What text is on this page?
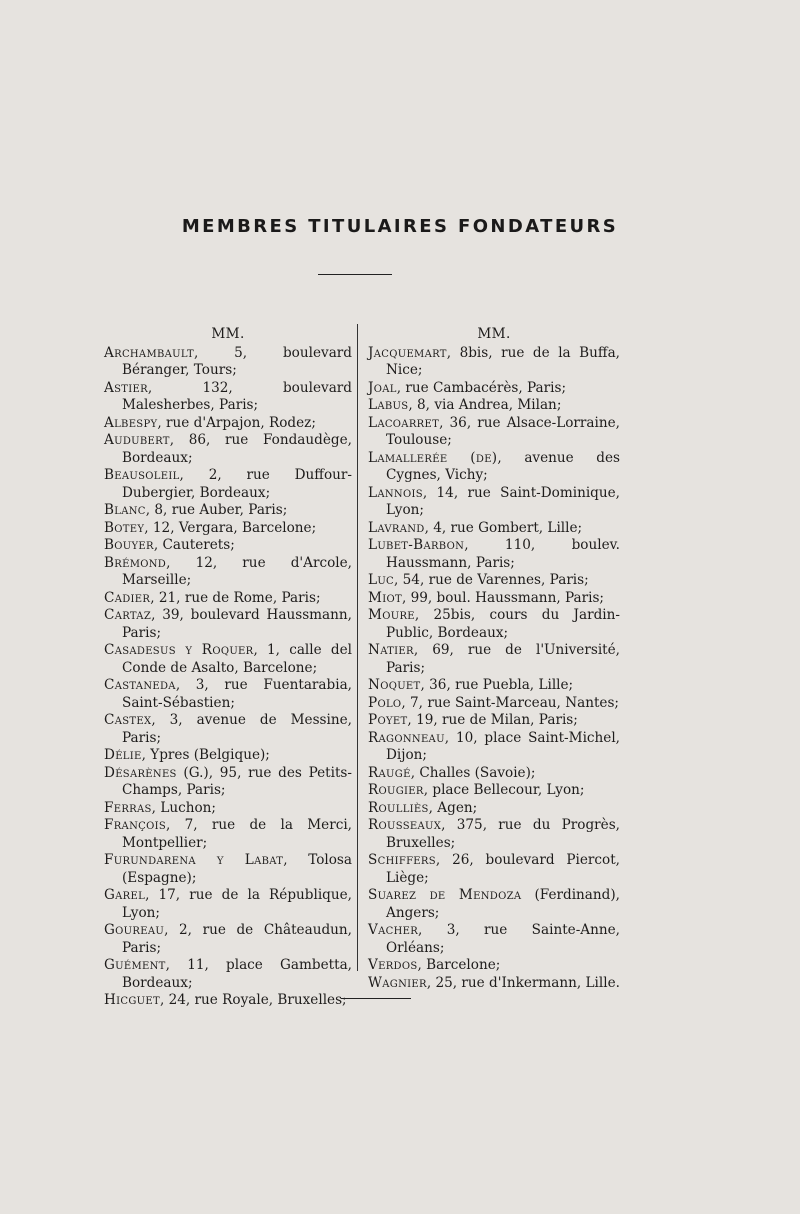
MEMBRES TITULAIRES FONDATEURS
MM.
Archambault, 5, boulevard Béranger, Tours;
Astier, 132, boulevard Malesherbes, Paris;
Albespy, rue d'Arpajon, Rodez;
Audubert, 86, rue Fondaudège, Bordeaux;
Beausoleil, 2, rue Duffour-Dubergier, Bordeaux;
Blanc, 8, rue Auber, Paris;
Botey, 12, Vergara, Barcelone;
Bouyer, Cauterets;
Brémond, 12, rue d'Arcole, Marseille;
Cadier, 21, rue de Rome, Paris;
Cartaz, 39, boulevard Haussmann, Paris;
Casadesus y Roquer, 1, calle del Conde de Asalto, Barcelone;
Castaneda, 3, rue Fuentarabia, Saint-Sébastien;
Castex, 3, avenue de Messine, Paris;
Délie, Ypres (Belgique);
Désarènes (G.), 95, rue des Petits-Champs, Paris;
Ferras, Luchon;
François, 7, rue de la Merci, Montpellier;
Furundarena y Labat, Tolosa (Espagne);
Garel, 17, rue de la République, Lyon;
Goureau, 2, rue de Châteaudun, Paris;
Guément, 11, place Gambetta, Bordeaux;
Hicguet, 24, rue Royale, Bruxelles;
MM.
Jacquemart, 8bis, rue de la Buffa, Nice;
Joal, rue Cambacérès, Paris;
Labus, 8, via Andrea, Milan;
Lacoarret, 36, rue Alsace-Lorraine, Toulouse;
Lamallerée (de), avenue des Cygnes, Vichy;
Lannois, 14, rue Saint-Dominique, Lyon;
Lavrand, 4, rue Gombert, Lille;
Lubet-Barbon, 110, boulev. Haussmann, Paris;
Luc, 54, rue de Varennes, Paris;
Miot, 99, boul. Haussmann, Paris;
Moure, 25bis, cours du Jardin-Public, Bordeaux;
Natier, 69, rue de l'Université, Paris;
Noquet, 36, rue Puebla, Lille;
Polo, 7, rue Saint-Marceau, Nantes;
Poyet, 19, rue de Milan, Paris;
Ragonneau, 10, place Saint-Michel, Dijon;
Raugé, Challes (Savoie);
Rougier, place Bellecour, Lyon;
Roulliès, Agen;
Rousseaux, 375, rue du Progrès, Bruxelles;
Schiffers, 26, boulevard Piercot, Liège;
Suarez de Mendoza (Ferdinand), Angers;
Vacher, 3, rue Sainte-Anne, Orléans;
Verdos, Barcelone;
Wagnier, 25, rue d'Inkermann, Lille.
